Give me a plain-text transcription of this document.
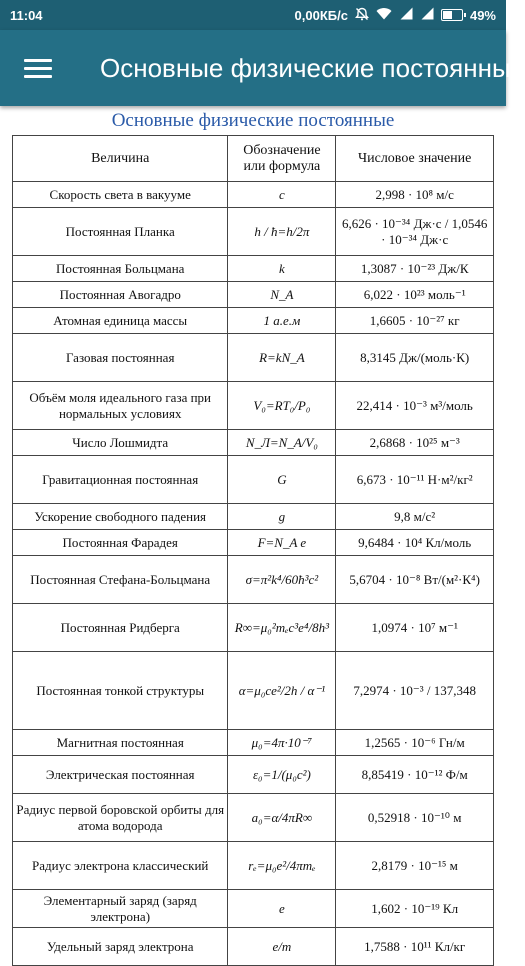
11:04	0,00КБ/с	49%
Основные физические постоянные
Основные физические постоянные
Величина	Обозначение или формула	Числовое значение
Скорость света в вакууме	c	2,998 · 10⁸ м/с
Постоянная Планка	h / ħ=h/2π	6,626 · 10⁻³⁴ Дж·с / 1,0546 · 10⁻³⁴ Дж·с
Постоянная Больцмана	k	1,3087 · 10⁻²³ Дж/К
Постоянная Авогадро	N_A	6,022 · 10²³ моль⁻¹
Атомная единица массы	1 а.е.м	1,6605 · 10⁻²⁷ кг
Газовая постоянная	R=kN_A	8,3145 Дж/(моль·К)
Объём моля идеального газа при нормальных условиях	V₀=RT₀/P₀	22,414 · 10⁻³ м³/моль
Число Лошмидта	N_Л=N_A/V₀	2,6868 · 10²⁵ м⁻³
Гравитационная постоянная	G	6,673 · 10⁻¹¹ Н·м²/кг²
Ускорение свободного падения	g	9,8 м/с²
Постоянная Фарадея	F=N_A e	9,6484 · 10⁴ Кл/моль
Постоянная Стефана-Больцмана	σ=π²k⁴/60ħ³c²	5,6704 · 10⁻⁸ Вт/(м²·К⁴)
Постоянная Ридберга	R∞=μ₀²mₑc³e⁴/8h³	1,0974 · 10⁷ м⁻¹
Постоянная тонкой структуры	α=μ₀ce²/2h / α⁻¹	7,2974 · 10⁻³ / 137,348
Магнитная постоянная	μ₀=4π·10⁻⁷	1,2565 · 10⁻⁶ Гн/м
Электрическая постоянная	ε₀=1/(μ₀c²)	8,85419 · 10⁻¹² Ф/м
Радиус первой боровской орбиты для атома водорода	a₀=α/4πR∞	0,52918 · 10⁻¹⁰ м
Радиус электрона классический	rₑ=μ₀e²/4πmₑ	2,8179 · 10⁻¹⁵ м
Элементарный заряд (заряд электрона)	e	1,602 · 10⁻¹⁹ Кл
Удельный заряд электрона	e/m	1,7588 · 10¹¹ Кл/кг
